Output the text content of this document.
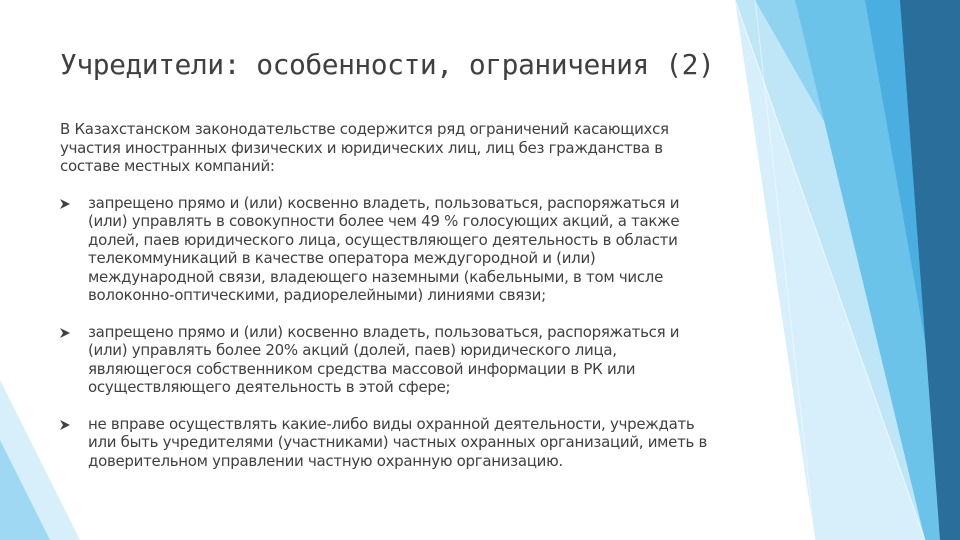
Учредители: особенности, ограничения (2)

В Казахстанском законодательстве содержится ряд ограничений касающихся участия иностранных физических и юридических лиц, лиц без гражданства в составе местных компаний:

запрещено прямо и (или) косвенно владеть, пользоваться, распоряжаться и (или) управлять в совокупности более чем 49 % голосующих акций, а также долей, паев юридического лица, осуществляющего деятельность в области телекоммуникаций в качестве оператора междугородной и (или) международной связи, владеющего наземными (кабельными, в том числе волоконно-оптическими, радиорелейными) линиями связи;
запрещено прямо и (или) косвенно владеть, пользоваться, распоряжаться и (или) управлять более 20% акций (долей, паев) юридического лица, являющегося собственником средства массовой информации в РК или осуществляющего деятельность в этой сфере;
не вправе осуществлять какие-либо виды охранной деятельности, учреждать или быть учредителями (участниками) частных охранных организаций, иметь в доверительном управлении частную охранную организацию.
